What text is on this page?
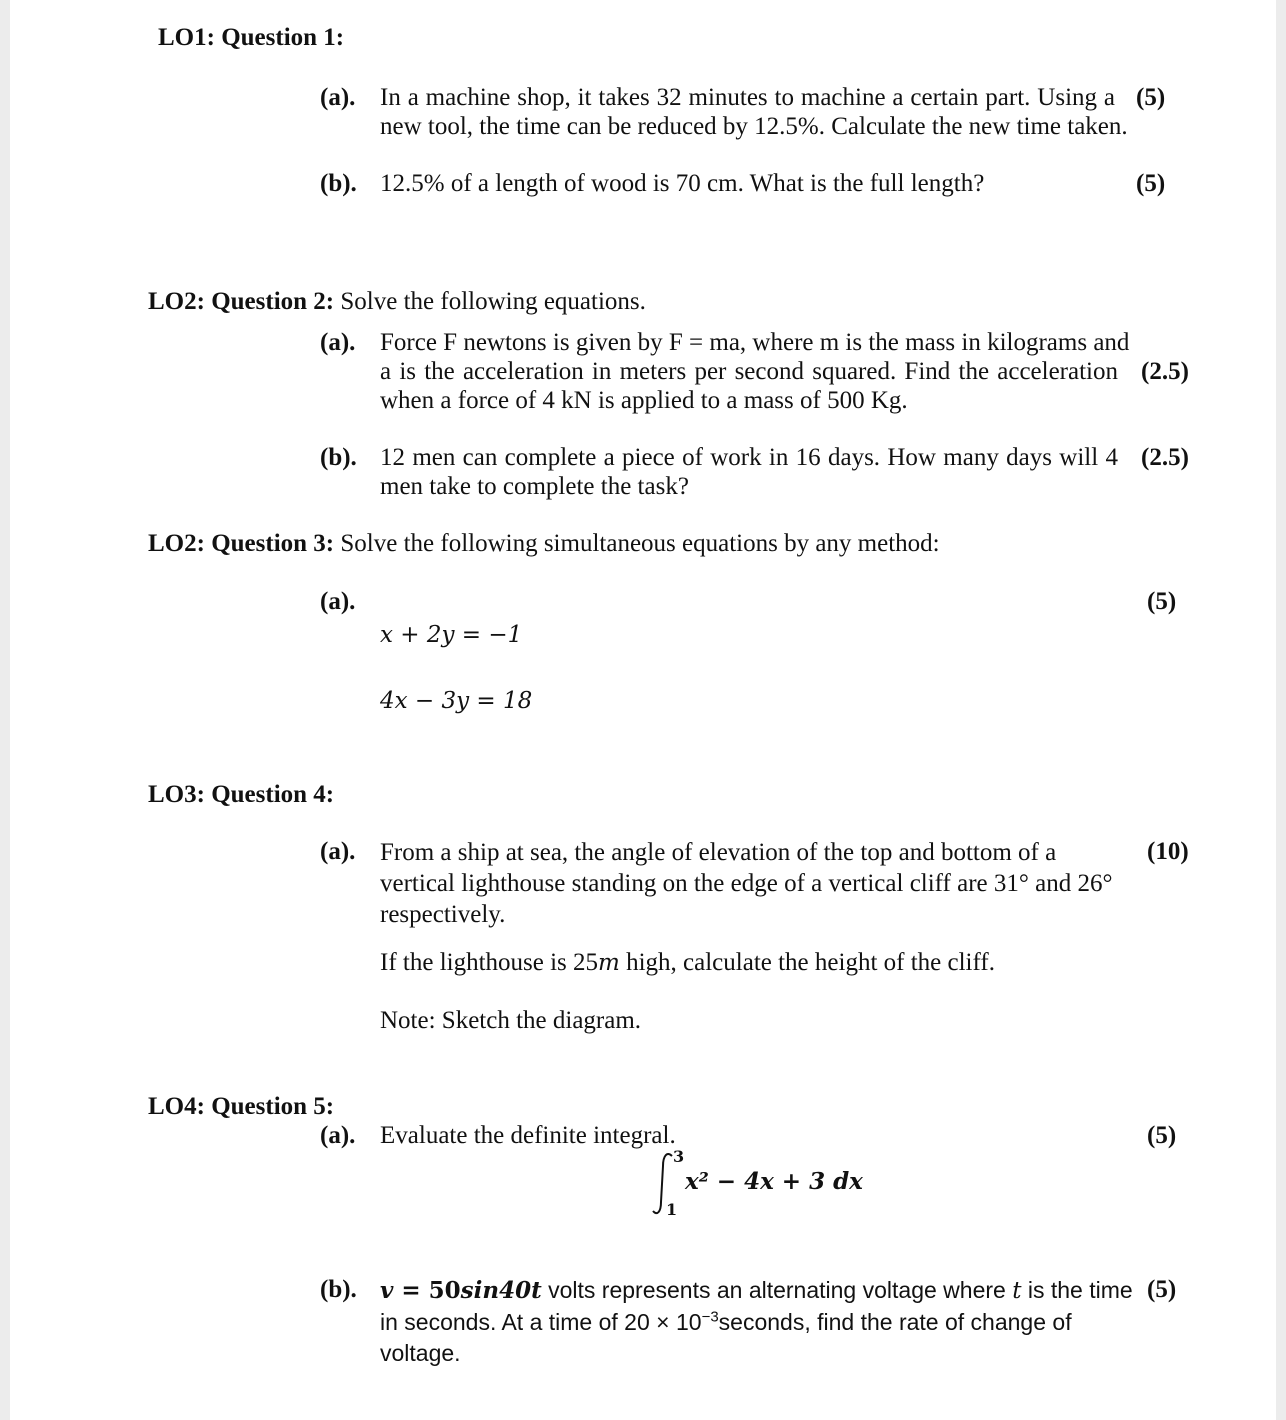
LO1: Question 1:
(a). In a machine shop, it takes 32 minutes to machine a certain part. Using a
new tool, the time can be reduced by 12.5%. Calculate the new time taken.
(5)
(b). 12.5% of a length of wood is 70 cm. What is the full length?	(5)
LO2: Question 2: Solve the following equations.
(a). Force F newtons is given by F = ma, where m is the mass in kilograms and
a is the acceleration in meters per second squared. Find the acceleration
when a force of 4 kN is applied to a mass of 500 Kg.
(2.5)
(b). 12 men can complete a piece of work in 16 days. How many days will 4
men take to complete the task?
(2.5)
LO2: Question 3: Solve the following simultaneous equations by any method:
(a).	(5)
x + 2y = −1
4x − 3y = 18
LO3: Question 4:
(a).	(10)
From a ship at sea, the angle of elevation of the top and bottom of a
vertical lighthouse standing on the edge of a vertical cliff are 31° and 26°
respectively.
If the lighthouse is 25m high, calculate the height of the cliff.
Note: Sketch the diagram.
LO4: Question 5:
(a). Evaluate the definite integral.	(5)
3
1
x² − 4x + 3 dx
(b).	(5)
v = 50sin40t volts represents an alternating voltage where t is the time
in seconds. At a time of $20 \times 10^{-3}seconds$, find the rate of change of
voltage.
